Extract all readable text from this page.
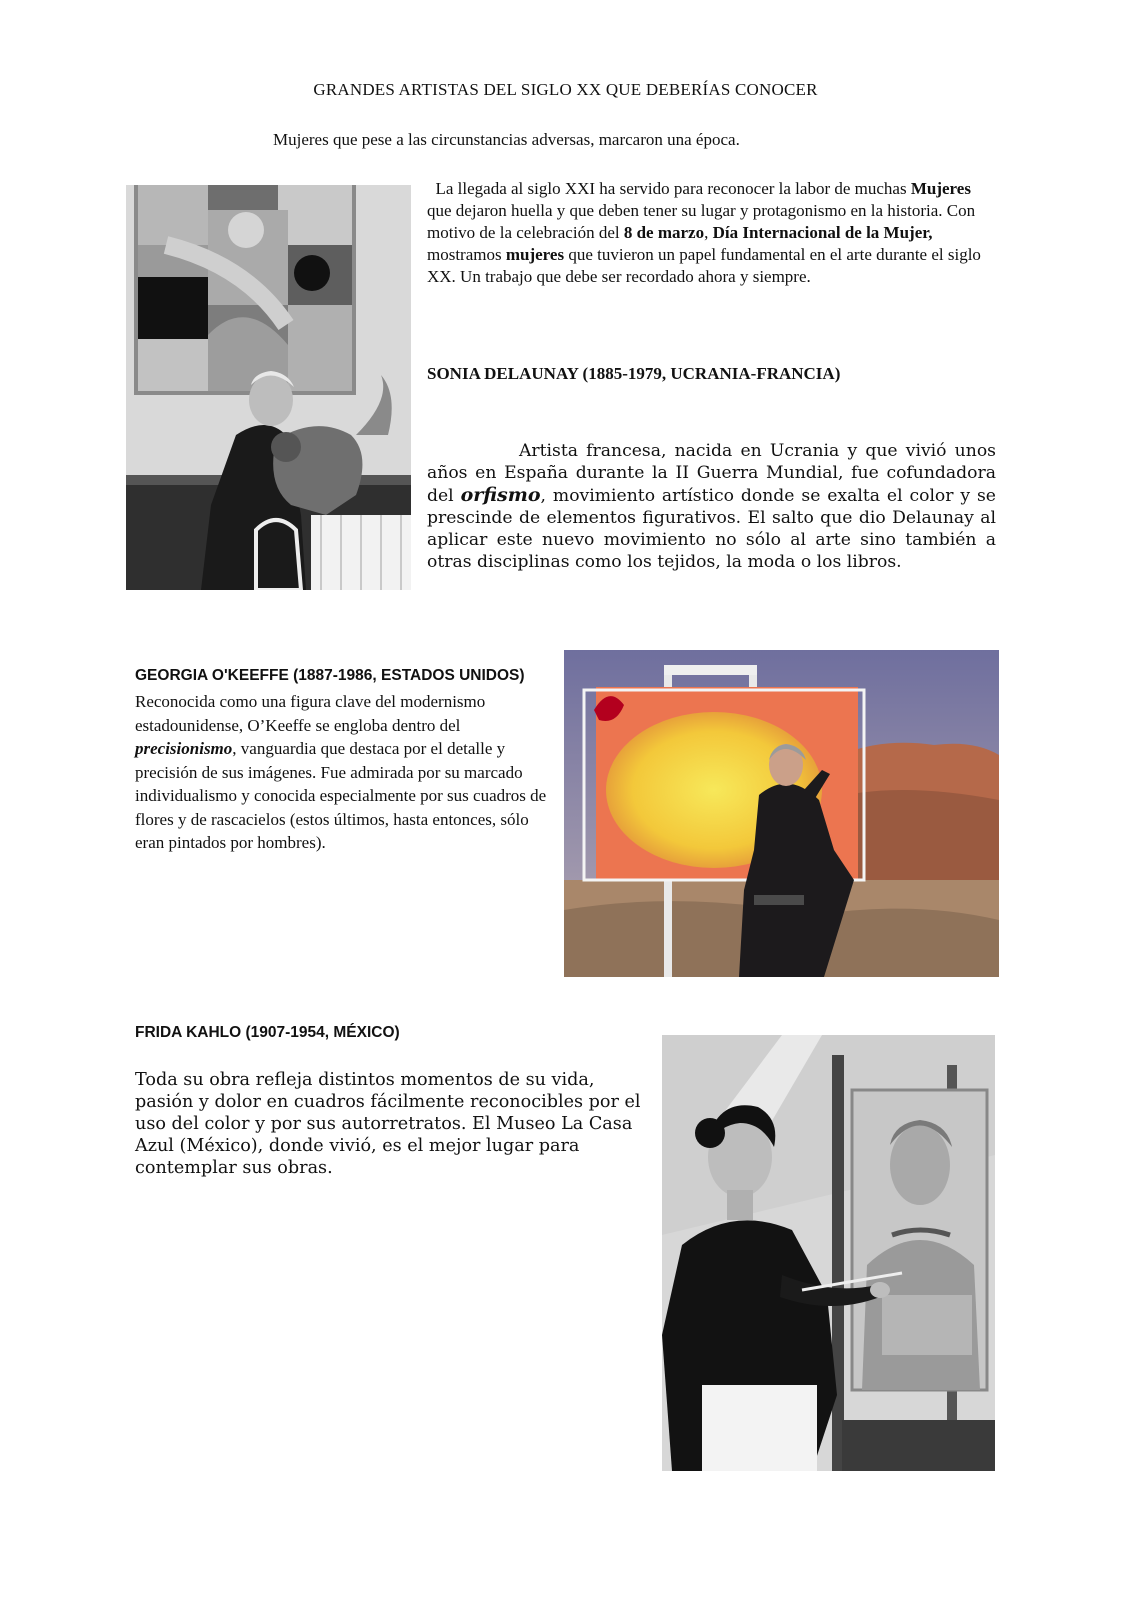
GRANDES ARTISTAS DEL SIGLO XX QUE DEBERÍAS CONOCER
Mujeres que pese a las circunstancias adversas, marcaron una época.
La llegada al siglo XXI ha servido para reconocer la labor de muchas Mujeres que dejaron huella y que deben tener su lugar y protagonismo en la historia. Con motivo de la celebración del 8 de marzo, Día Internacional de la Mujer, mostramos mujeres que tuvieron un papel fundamental en el arte durante el siglo XX. Un trabajo que debe ser recordado ahora y siempre.
SONIA DELAUNAY (1885-1979, UCRANIA-FRANCIA)
Artista francesa, nacida en Ucrania y que vivió unos años en España durante la II Guerra Mundial, fue cofundadora del orfismo, movimiento artístico donde se exalta el color y se prescinde de elementos figurativos. El salto que dio Delaunay al aplicar este nuevo movimiento no sólo al arte sino también a otras disciplinas como los tejidos, la moda o los libros.
GEORGIA O'KEEFFE (1887-1986, ESTADOS UNIDOS)
Reconocida como una figura clave del modernismo estadounidense, O’Keeffe se engloba dentro del precisionismo, vanguardia que destaca por el detalle y precisión de sus imágenes. Fue admirada por su marcado individualismo y conocida especialmente por sus cuadros de flores y de rascacielos (estos últimos, hasta entonces, sólo eran pintados por hombres).
FRIDA KAHLO (1907-1954, MÉXICO)
Toda su obra refleja distintos momentos de su vida, pasión y dolor en cuadros fácilmente reconocibles por el uso del color y por sus autorretratos. El Museo La Casa Azul (México), donde vivió, es el mejor lugar para contemplar sus obras.
